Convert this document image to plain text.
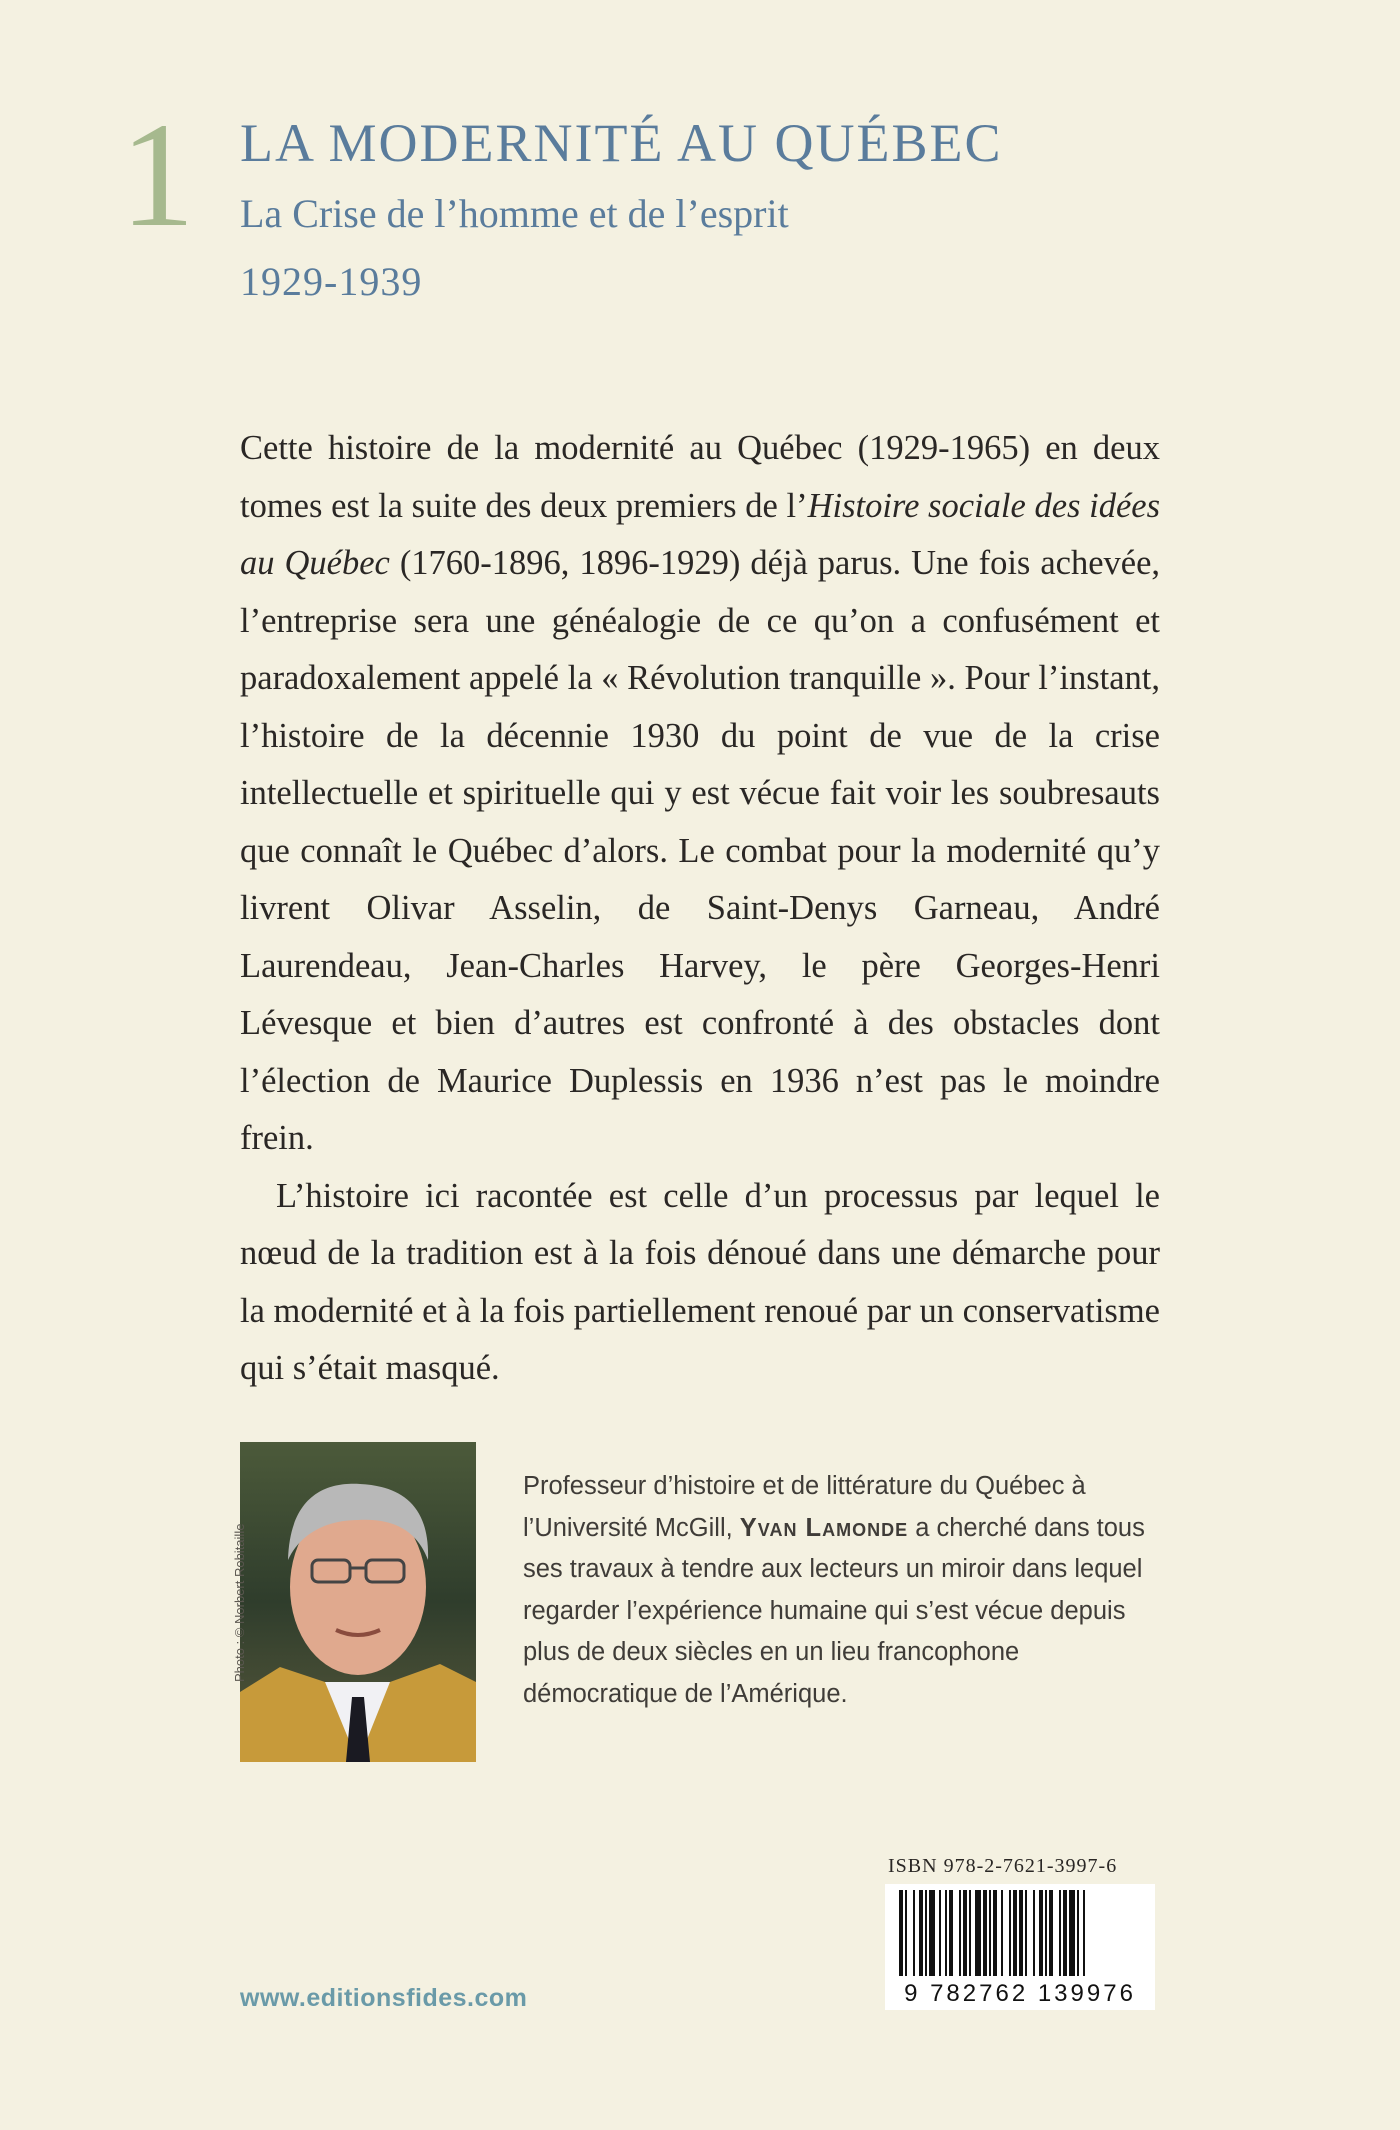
1 LA MODERNITÉ AU QUÉBEC
La Crise de l’homme et de l’esprit
1929-1939

Cette histoire de la modernité au Québec (1929-1965) en deux tomes est la suite des deux premiers de l’Histoire sociale des idées au Québec (1760-1896, 1896-1929) déjà parus. Une fois achevée, l’entreprise sera une généalogie de ce qu’on a confusément et paradoxalement appelé la « Révolution tranquille ». Pour l’instant, l’histoire de la décennie 1930 du point de vue de la crise intellectuelle et spirituelle qui y est vécue fait voir les soubresauts que connaît le Québec d’alors. Le combat pour la modernité qu’y livrent Olivar Asselin, de Saint-Denys Garneau, André Laurendeau, Jean-Charles Harvey, le père Georges-Henri Lévesque et bien d’autres est confronté à des obstacles dont l’élection de Maurice Duplessis en 1936 n’est pas le moindre frein.

L’histoire ici racontée est celle d’un processus par lequel le nœud de la tradition est à la fois dénoué dans une démarche pour la modernité et à la fois partiellement renoué par un conservatisme qui s’était masqué.

Photo : © Norbert Robitaille

Professeur d’histoire et de littérature du Québec à l’Université McGill, Yvan Lamonde a cherché dans tous ses travaux à tendre aux lecteurs un miroir dans lequel regarder l’expérience humaine qui s’est vécue depuis plus de deux siècles en un lieu francophone démocratique de l’Amérique.

ISBN 978-2-7621-3997-6
9 782762 139976
www.editionsfides.com
